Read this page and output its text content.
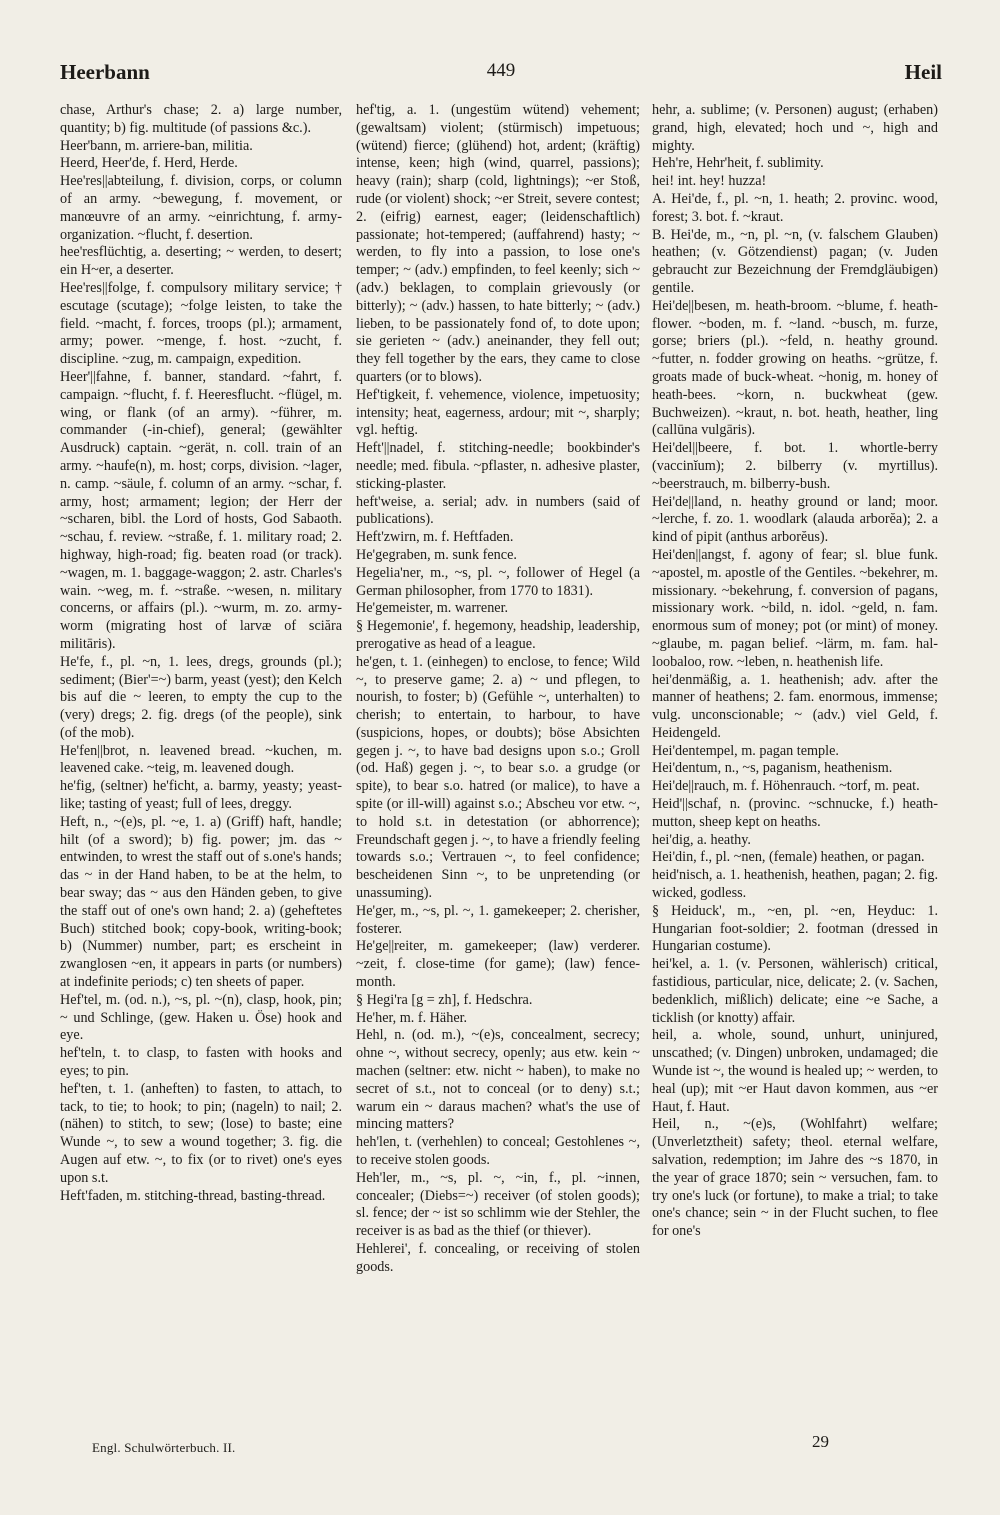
Heerbann	449	Heil

chase, Arthur's chase; 2. a) large number, quantity; b) fig. multitude (of passions &c.).

Heer'bann, m. arriere-ban, militia.

Heerd, Heer'de, f. Herd, Herde.

Hee'res||abteilung, f. division, corps, or column of an army. ~bewegung, f. movement, or manœuvre of an army. ~einrichtung, f. army-organization. ~flucht, f. desertion.

hee'resflüchtig, a. deserting; ~ werden, to desert; ein H~er, a deserter.

Hee'res||folge, f. compulsory military service; † escutage (scutage); ~folge leisten, to take the field. ~macht, f. forces, troops (pl.); armament, army; power. ~menge, f. host. ~zucht, f. discipline. ~zug, m. campaign, expedition.

Heer'||fahne, f. banner, standard. ~fahrt, f. campaign. ~flucht, f. f. Heeresflucht. ~flügel, m. wing, or flank (of an army). ~führer, m. commander (-in-chief), general; (gewählter Ausdruck) captain. ~gerät, n. coll. train of an army. ~haufe(n), m. host; corps, division. ~lager, n. camp. ~säule, f. column of an army. ~schar, f. army, host; armament; legion; der Herr der ~scharen, bibl. the Lord of hosts, God Sabaoth. ~schau, f. review. ~straße, f. 1. military road; 2. highway, high-road; fig. beaten road (or track). ~wagen, m. 1. baggage-waggon; 2. astr. Charles's wain. ~weg, m. f. ~straße. ~wesen, n. military concerns, or affairs (pl.). ~wurm, m. zo. army-worm (migrating host of larvæ of sciăra militāris).

He'fe, f., pl. ~n, 1. lees, dregs, grounds (pl.); sediment; (Bier'=~) barm, yeast (yest); den Kelch bis auf die ~ leeren, to empty the cup to the (very) dregs; 2. fig. dregs (of the people), sink (of the mob).

He'fen||brot, n. leavened bread. ~kuchen, m. leavened cake. ~teig, m. leavened dough.

he'fig, (seltner) he'ficht, a. barmy, yeasty; yeast-like; tasting of yeast; full of lees, dreggy.

Heft, n., ~(e)s, pl. ~e, 1. a) (Griff) haft, handle; hilt (of a sword); b) fig. power; jm. das ~ entwinden, to wrest the staff out of s.one's hands; das ~ in der Hand haben, to be at the helm, to bear sway; das ~ aus den Händen geben, to give the staff out of one's own hand; 2. a) (geheftetes Buch) stitched book; copy-book, writing-book; b) (Nummer) number, part; es erscheint in zwanglosen ~en, it appears in parts (or numbers) at indefinite periods; c) ten sheets of paper.

Hef'tel, m. (od. n.), ~s, pl. ~(n), clasp, hook, pin; ~ und Schlinge, (gew. Haken u. Öse) hook and eye.

hef'teln, t. to clasp, to fasten with hooks and eyes; to pin.

hef'ten, t. 1. (anheften) to fasten, to attach, to tack, to tie; to hook; to pin; (nageln) to nail; 2. (nähen) to stitch, to sew; (lose) to baste; eine Wunde ~, to sew a wound together; 3. fig. die Augen auf etw. ~, to fix (or to rivet) one's eyes upon s.t.

Heft'faden, m. stitching-thread, basting-thread.

hef'tig, a. 1. (ungestüm wütend) vehement; (gewaltsam) violent; (stürmisch) impetuous; (wütend) fierce; (glühend) hot, ardent; (kräftig) intense, keen; high (wind, quarrel, passions); heavy (rain); sharp (cold, lightnings); ~er Stoß, rude (or violent) shock; ~er Streit, severe contest; 2. (eifrig) earnest, eager; (leidenschaftlich) passionate; hot-tempered; (auffahrend) hasty; ~ werden, to fly into a passion, to lose one's temper; ~ (adv.) empfinden, to feel keenly; sich ~ (adv.) beklagen, to complain grievously (or bitterly); ~ (adv.) hassen, to hate bitterly; ~ (adv.) lieben, to be passionately fond of, to dote upon; sie gerieten ~ (adv.) aneinander, they fell out; they fell together by the ears, they came to close quarters (or to blows).

Hef'tigkeit, f. vehemence, violence, impetuosity; intensity; heat, eagerness, ardour; mit ~, sharply; vgl. heftig.

Heft'||nadel, f. stitching-needle; bookbinder's needle; med. fibula. ~pflaster, n. adhesive plaster, sticking-plaster.

heft'weise, a. serial; adv. in numbers (said of publications).

Heft'zwirn, m. f. Heftfaden.

He'gegraben, m. sunk fence.

Hegelia'ner, m., ~s, pl. ~, follower of Hegel (a German philosopher, from 1770 to 1831).

He'gemeister, m. warrener.

§ Hegemonie', f. hegemony, headship, leadership, prerogative as head of a league.

he'gen, t. 1. (einhegen) to enclose, to fence; Wild ~, to preserve game; 2. a) ~ und pflegen, to nourish, to foster; b) (Gefühle ~, unterhalten) to cherish; to entertain, to harbour, to have (suspicions, hopes, or doubts); böse Absichten gegen j. ~, to have bad designs upon s.o.; Groll (od. Haß) gegen j. ~, to bear s.o. a grudge (or spite), to bear s.o. hatred (or malice), to have a spite (or ill-will) against s.o.; Abscheu vor etw. ~, to hold s.t. in detestation (or abhorrence); Freundschaft gegen j. ~, to have a friendly feeling towards s.o.; Vertrauen ~, to feel confidence; bescheidenen Sinn ~, to be unpretending (or unassuming).

He'ger, m., ~s, pl. ~, 1. gamekeeper; 2. cherisher, fosterer.

He'ge||reiter, m. gamekeeper; (law) verderer. ~zeit, f. close-time (for game); (law) fence-month.

§ Hegi'ra [g = zh], f. Hedschra.

He'her, m. f. Häher.

Hehl, n. (od. m.), ~(e)s, concealment, secrecy; ohne ~, without secrecy, openly; aus etw. kein ~ machen (seltner: etw. nicht ~ haben), to make no secret of s.t., not to conceal (or to deny) s.t.; warum ein ~ daraus machen? what's the use of mincing matters?

heh'len, t. (verhehlen) to conceal; Gestohlenes ~, to receive stolen goods.

Heh'ler, m., ~s, pl. ~, ~in, f., pl. ~innen, concealer; (Diebs=~) receiver (of stolen goods); sl. fence; der ~ ist so schlimm wie der Stehler, the receiver is as bad as the thief (or thiever).

Hehlerei', f. concealing, or receiving of stolen goods.

hehr, a. sublime; (v. Personen) august; (erhaben) grand, high, elevated; hoch und ~, high and mighty.

Heh're, Hehr'heit, f. sublimity.

hei! int. hey! huzza!

A. Hei'de, f., pl. ~n, 1. heath; 2. provinc. wood, forest; 3. bot. f. ~kraut.

B. Hei'de, m., ~n, pl. ~n, (v. falschem Glauben) heathen; (v. Götzendienst) pagan; (v. Juden gebraucht zur Bezeichnung der Fremdgläubigen) gentile.

Hei'de||besen, m. heath-broom. ~blume, f. heath-flower. ~boden, m. f. ~land. ~busch, m. furze, gorse; briers (pl.). ~feld, n. heathy ground. ~futter, n. fodder growing on heaths. ~grütze, f. groats made of buck-wheat. ~honig, m. honey of heath-bees. ~korn, n. buckwheat (gew. Buchweizen). ~kraut, n. bot. heath, heather, ling (callūna vulgāris).

Hei'del||beere, f. bot. 1. whortle-berry (vaccinĭum); 2. bilberry (v. myrtillus). ~beerstrauch, m. bilberry-bush.

Hei'de||land, n. heathy ground or land; moor. ~lerche, f. zo. 1. woodlark (alauda arborĕa); 2. a kind of pipit (anthus arborĕus).

Hei'den||angst, f. agony of fear; sl. blue funk. ~apostel, m. apostle of the Gentiles. ~bekehrer, m. missionary. ~bekehrung, f. conversion of pagans, missionary work. ~bild, n. idol. ~geld, n. fam. enormous sum of money; pot (or mint) of money. ~glaube, m. pagan belief. ~lärm, m. fam. hal-loobaloo, row. ~leben, n. heathenish life.

hei'denmäßig, a. 1. heathenish; adv. after the manner of heathens; 2. fam. enormous, immense; vulg. unconscionable; ~ (adv.) viel Geld, f. Heidengeld.

Hei'dentempel, m. pagan temple.

Hei'dentum, n., ~s, paganism, heathenism.

Hei'de||rauch, m. f. Höhenrauch. ~torf, m. peat.

Heid'||schaf, n. (provinc. ~schnucke, f.) heath-mutton, sheep kept on heaths.

hei'dig, a. heathy.

Hei'din, f., pl. ~nen, (female) heathen, or pagan.

heid'nisch, a. 1. heathenish, heathen, pagan; 2. fig. wicked, godless.

§ Heiduck', m., ~en, pl. ~en, Heyduc: 1. Hungarian foot-soldier; 2. footman (dressed in Hungarian costume).

hei'kel, a. 1. (v. Personen, wählerisch) critical, fastidious, particular, nice, delicate; 2. (v. Sachen, bedenklich, mißlich) delicate; eine ~e Sache, a ticklish (or knotty) affair.

heil, a. whole, sound, unhurt, uninjured, unscathed; (v. Dingen) unbroken, undamaged; die Wunde ist ~, the wound is healed up; ~ werden, to heal (up); mit ~er Haut davon kommen, aus ~er Haut, f. Haut.

Heil, n., ~(e)s, (Wohlfahrt) welfare; (Unverletztheit) safety; theol. eternal welfare, salvation, redemption; im Jahre des ~s 1870, in the year of grace 1870; sein ~ versuchen, fam. to try one's luck (or fortune), to make a trial; to take one's chance; sein ~ in der Flucht suchen, to flee for one's

Engl. Schulwörterbuch. II.	29
